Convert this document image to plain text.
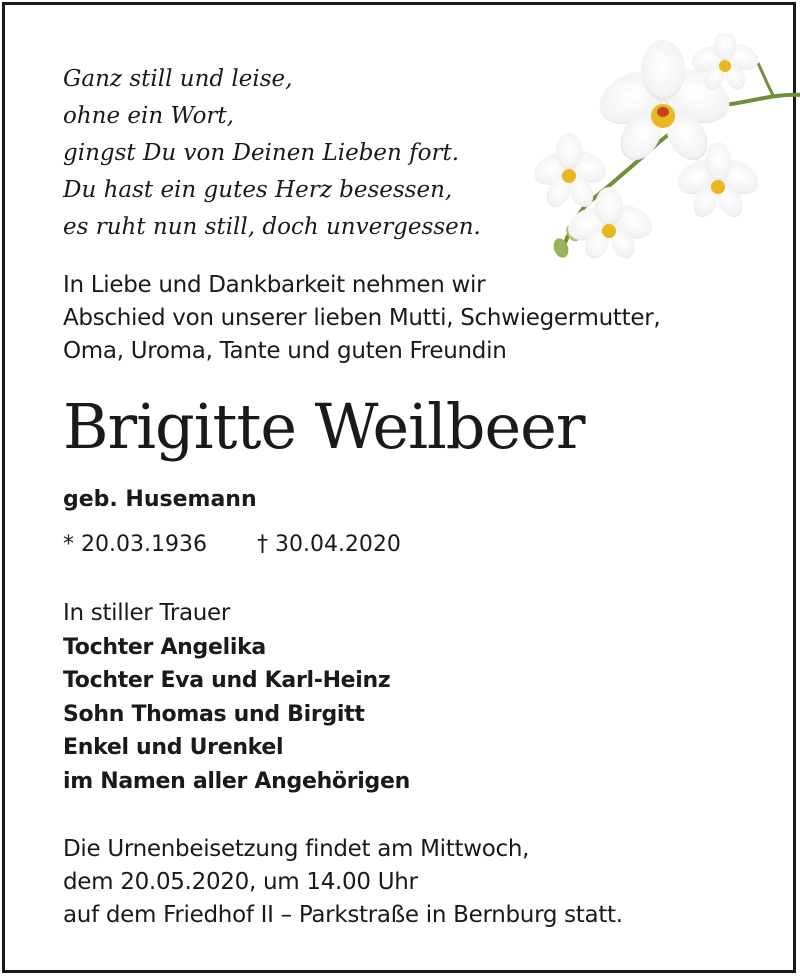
Ganz still und leise,
ohne ein Wort,
gingst Du von Deinen Lieben fort.
Du hast ein gutes Herz besessen,
es ruht nun still, doch unvergessen.
In Liebe und Dankbarkeit nehmen wir
Abschied von unserer lieben Mutti, Schwiegermutter,
Oma, Uroma, Tante und guten Freundin
Brigitte Weilbeer
geb. Husemann
* 20.03.1936 † 30.04.2020
In stiller Trauer
Tochter Angelika
Tochter Eva und Karl-Heinz
Sohn Thomas und Birgitt
Enkel und Urenkel
im Namen aller Angehörigen
Die Urnenbeisetzung findet am Mittwoch,
dem 20.05.2020, um 14.00 Uhr
auf dem Friedhof II – Parkstraße in Bernburg statt.
